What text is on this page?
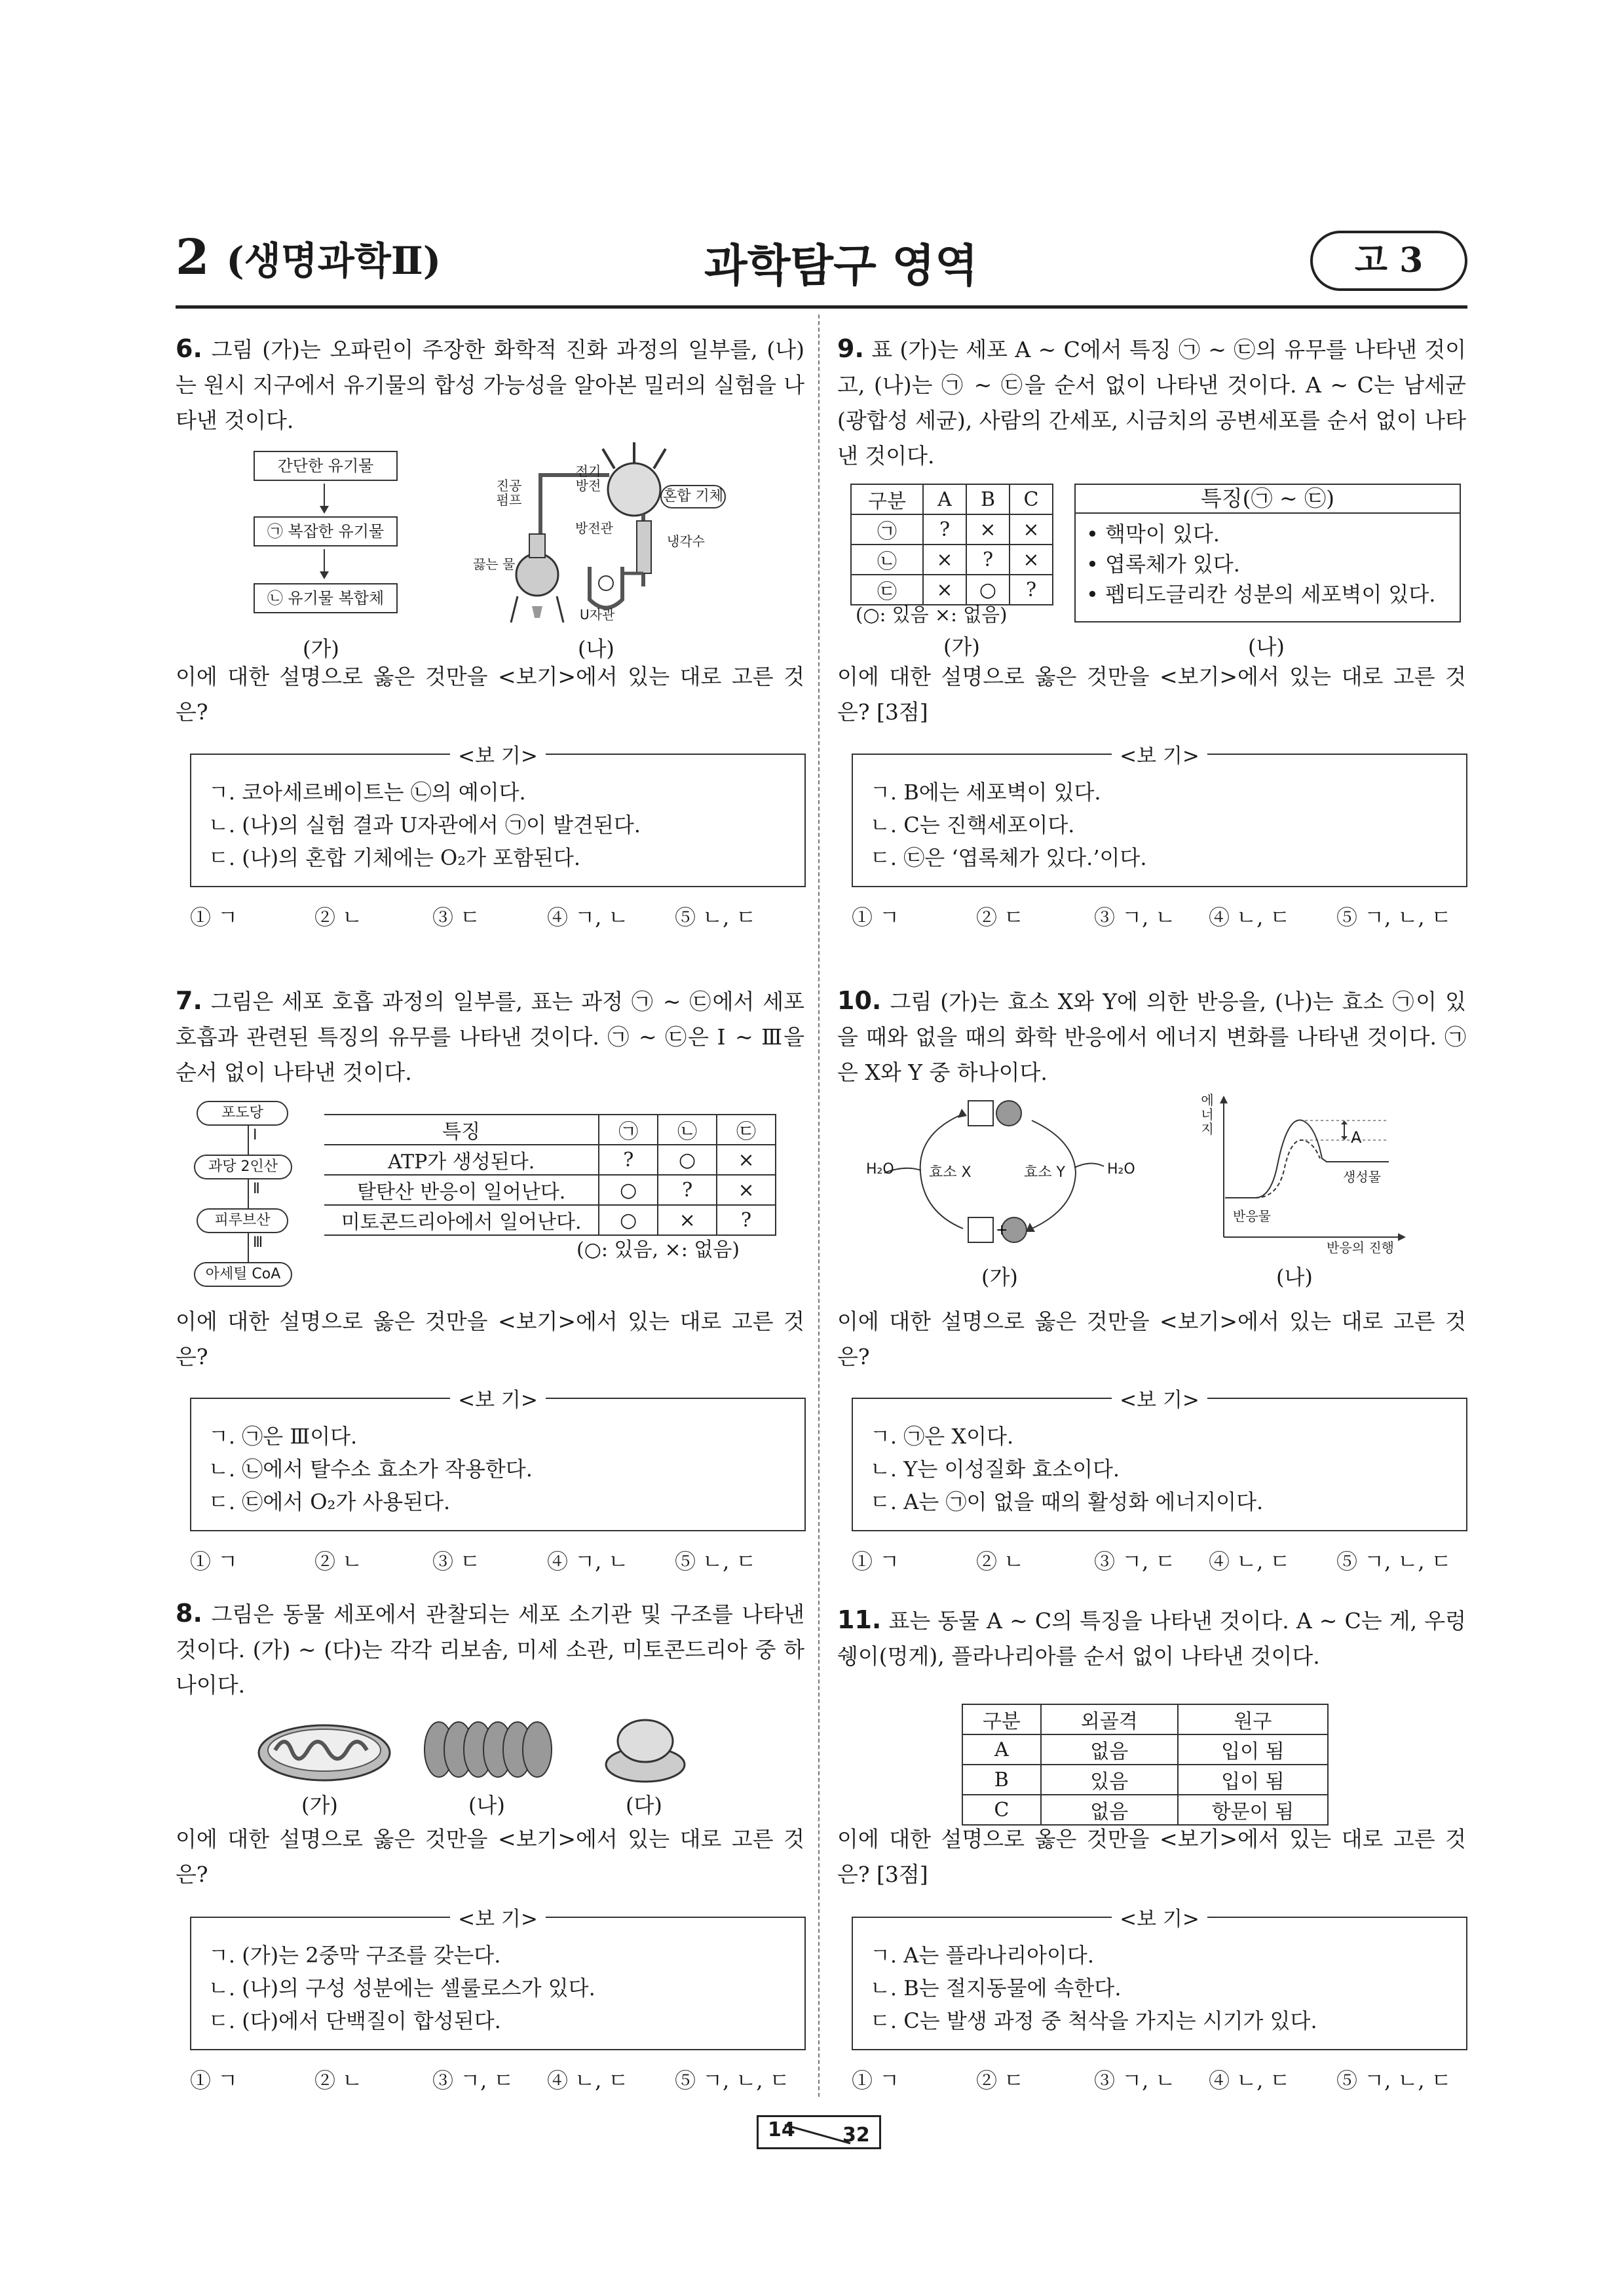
2 (생명과학Ⅱ)	과학탐구 영역	고 3
6. 그림 (가)는 오파린이 주장한 화학적 진화 과정의 일부를, (나)는 원시 지구에서 유기물의 합성 가능성을 알아본 밀러의 실험을 나타낸 것이다.
간단한 유기물
㉠ 복잡한 유기물
㉡ 유기물 복합체
진공 펌프
전기 방전
혼합 기체
방전관
냉각수
끓는 물
U자관
(가)	(나)
이에 대한 설명으로 옳은 것만을 <보기>에서 있는 대로 고른 것은?
<보 기>
ㄱ. 코아세르베이트는 ㉡의 예이다.
ㄴ. (나)의 실험 결과 U자관에서 ㉠이 발견된다.
ㄷ. (나)의 혼합 기체에는 O₂가 포함된다.
① ㄱ	② ㄴ	③ ㄷ	④ ㄱ, ㄴ ⑤ ㄴ, ㄷ
7. 그림은 세포 호흡 과정의 일부를, 표는 과정 ㉠ ~ ㉢에서 세포 호흡과 관련된 특징의 유무를 나타낸 것이다. ㉠ ~ ㉢은 Ⅰ ~ Ⅲ을 순서 없이 나타낸 것이다.
포도당
Ⅰ
과당 2인산
Ⅱ
피루브산
Ⅲ
아세틸 CoA
특징	㉠	㉡	㉢
ATP가 생성된다.	?	○	×
탈탄산 반응이 일어난다.	○	?	×
미토콘드리아에서 일어난다.	○	×	?
(○: 있음, ×: 없음)
이에 대한 설명으로 옳은 것만을 <보기>에서 있는 대로 고른 것은?
<보 기>
ㄱ. ㉠은 Ⅲ이다.
ㄴ. ㉡에서 탈수소 효소가 작용한다.
ㄷ. ㉢에서 O₂가 사용된다.
① ㄱ	② ㄴ	③ ㄷ	④ ㄱ, ㄴ ⑤ ㄴ, ㄷ
8. 그림은 동물 세포에서 관찰되는 세포 소기관 및 구조를 나타낸 것이다. (가) ~ (다)는 각각 리보솜, 미세 소관, 미토콘드리아 중 하나이다.
(가)	(나)	(다)
이에 대한 설명으로 옳은 것만을 <보기>에서 있는 대로 고른 것은?
<보 기>
ㄱ. (가)는 2중막 구조를 갖는다.
ㄴ. (나)의 구성 성분에는 셀룰로스가 있다.
ㄷ. (다)에서 단백질이 합성된다.
① ㄱ	② ㄴ	③ ㄱ, ㄷ ④ ㄴ, ㄷ ⑤ ㄱ, ㄴ, ㄷ
9. 표 (가)는 세포 A ~ C에서 특징 ㉠ ~ ㉢의 유무를 나타낸 것이고, (나)는 ㉠ ~ ㉢을 순서 없이 나타낸 것이다. A ~ C는 남세균(광합성 세균), 사람의 간세포, 시금치의 공변세포를 순서 없이 나타낸 것이다.
구분	A	B	C
㉠	?	×	×
㉡	×	?	×
㉢	×	○	?
(○: 있음 ×: 없음)
특징(㉠ ~ ㉢)
• 핵막이 있다.
• 엽록체가 있다.
• 펩티도글리칸 성분의 세포벽이 있다.
(가)	(나)
이에 대한 설명으로 옳은 것만을 <보기>에서 있는 대로 고른 것은? [3점]
<보 기>
ㄱ. B에는 세포벽이 있다.
ㄴ. C는 진핵세포이다.
ㄷ. ㉢은 ‘엽록체가 있다.’이다.
① ㄱ	② ㄷ	③ ㄱ, ㄴ ④ ㄴ, ㄷ ⑤ ㄱ, ㄴ, ㄷ
10. 그림 (가)는 효소 X와 Y에 의한 반응을, (나)는 효소 ㉠이 있을 때와 없을 때의 화학 반응에서 에너지 변화를 나타낸 것이다. ㉠은 X와 Y 중 하나이다.
+
H₂O 효소 X	효소 Y	H₂O
에너지	A
생성물
반응물
반응의 진행
(가)	(나)
이에 대한 설명으로 옳은 것만을 <보기>에서 있는 대로 고른 것은?
<보 기>
ㄱ. ㉠은 X이다.
ㄴ. Y는 이성질화 효소이다.
ㄷ. A는 ㉠이 없을 때의 활성화 에너지이다.
① ㄱ	② ㄴ	③ ㄱ, ㄷ ④ ㄴ, ㄷ ⑤ ㄱ, ㄴ, ㄷ
11. 표는 동물 A ~ C의 특징을 나타낸 것이다. A ~ C는 게, 우렁쉥이(멍게), 플라나리아를 순서 없이 나타낸 것이다.
구분	외골격	원구
A	없음	입이 됨
B	있음	입이 됨
C	없음	항문이 됨
이에 대한 설명으로 옳은 것만을 <보기>에서 있는 대로 고른 것은? [3점]
<보 기>
ㄱ. A는 플라나리아이다.
ㄴ. B는 절지동물에 속한다.
ㄷ. C는 발생 과정 중 척삭을 가지는 시기가 있다.
① ㄱ	② ㄷ	③ ㄱ, ㄴ ④ ㄴ, ㄷ ⑤ ㄱ, ㄴ, ㄷ
14 32
